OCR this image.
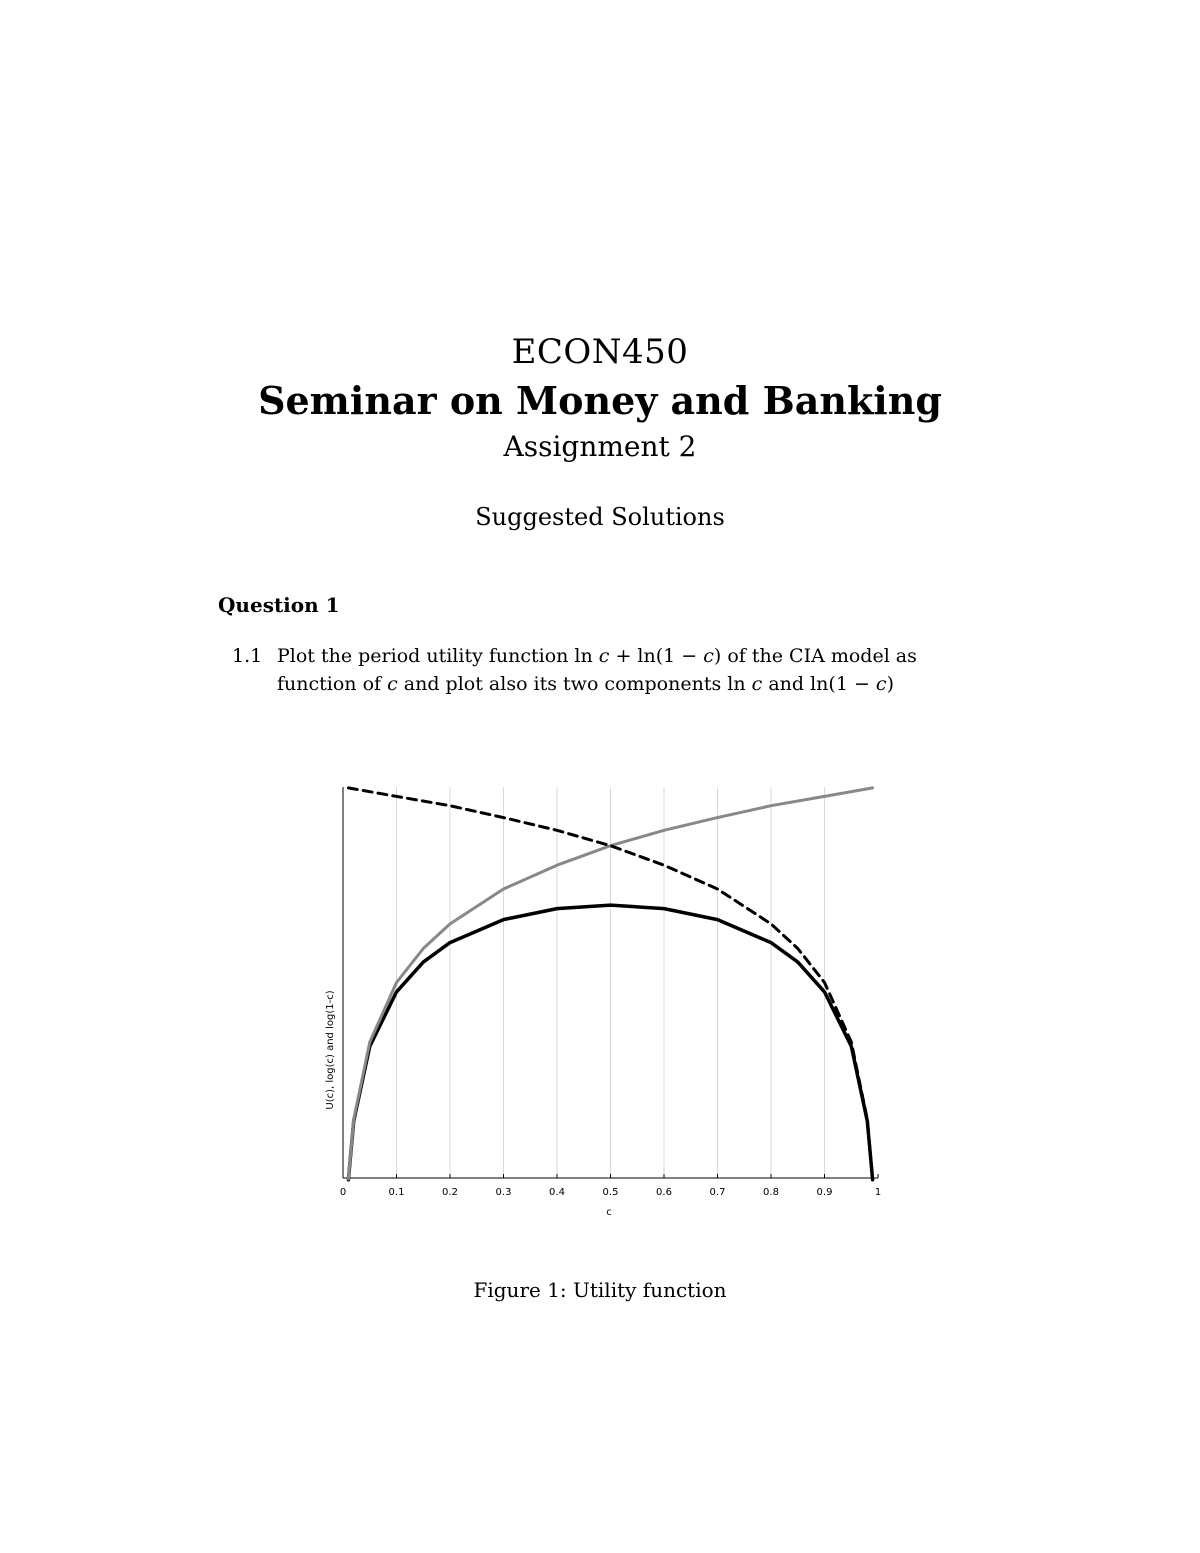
ECON450
Seminar on Money and Banking
Assignment 2
Suggested Solutions
Question 1
1.1 Plot the period utility function ln c + ln(1 − c) of the CIA model as
function of c and plot also its two components ln c and ln(1 − c)
0	0.1	0.2	0.3	0.4	0.5	0.6	0.7	0.8	0.9	1
c
U(c), log(c) and log(1-c)
Figure 1: Utility function
